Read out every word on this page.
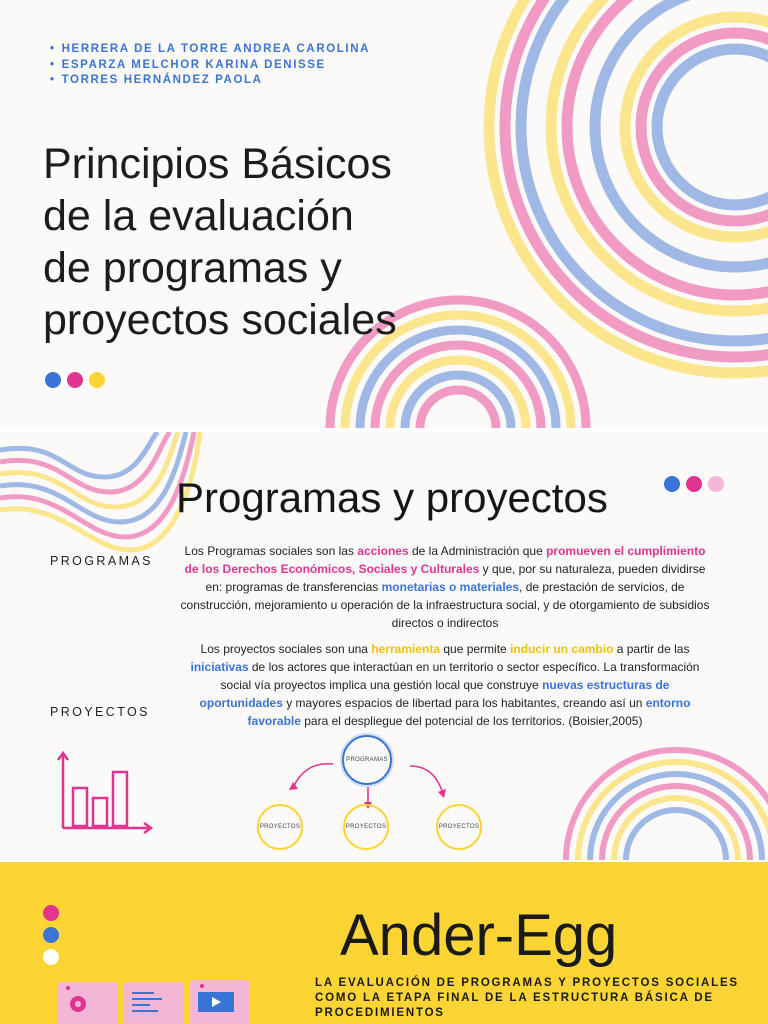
• HERRERA DE LA TORRE ANDREA CAROLINA
• ESPARZA MELCHOR KARINA DENISSE
• TORRES HERNÁNDEZ PAOLA
Principios Básicos
de la evaluación
de programas y
proyectos sociales
Programas y proyectos
PROGRAMAS
PROYECTOS

Los Programas sociales son las acciones de la Administración que promueven el cumplimiento de los Derechos Económicos, Sociales y Culturales y que, por su naturaleza, pueden dividirse en: programas de transferencias monetarias o materiales, de prestación de servicios, de construcción, mejoramiento u operación de la infraestructura social, y de otorgamiento de subsidios directos o indirectos

Los proyectos sociales son una herramienta que permite inducir un cambio a partir de las iniciativas de los actores que interactúan en un territorio o sector específico. La transformación social vía proyectos implica una gestión local que construye nuevas estructuras de oportunidades y mayores espacios de libertad para los habitantes, creando así un entorno favorable para el despliegue del potencial de los territorios. (Boisier,2005)

PROGRAMAS
PROYECTOS	PROYECTOS	PROYECTOS
Ander-Egg

LA EVALUACIÓN DE PROGRAMAS Y PROYECTOS SOCIALES COMO LA ETAPA FINAL DE LA ESTRUCTURA BÁSICA DE PROCEDIMIENTOS
